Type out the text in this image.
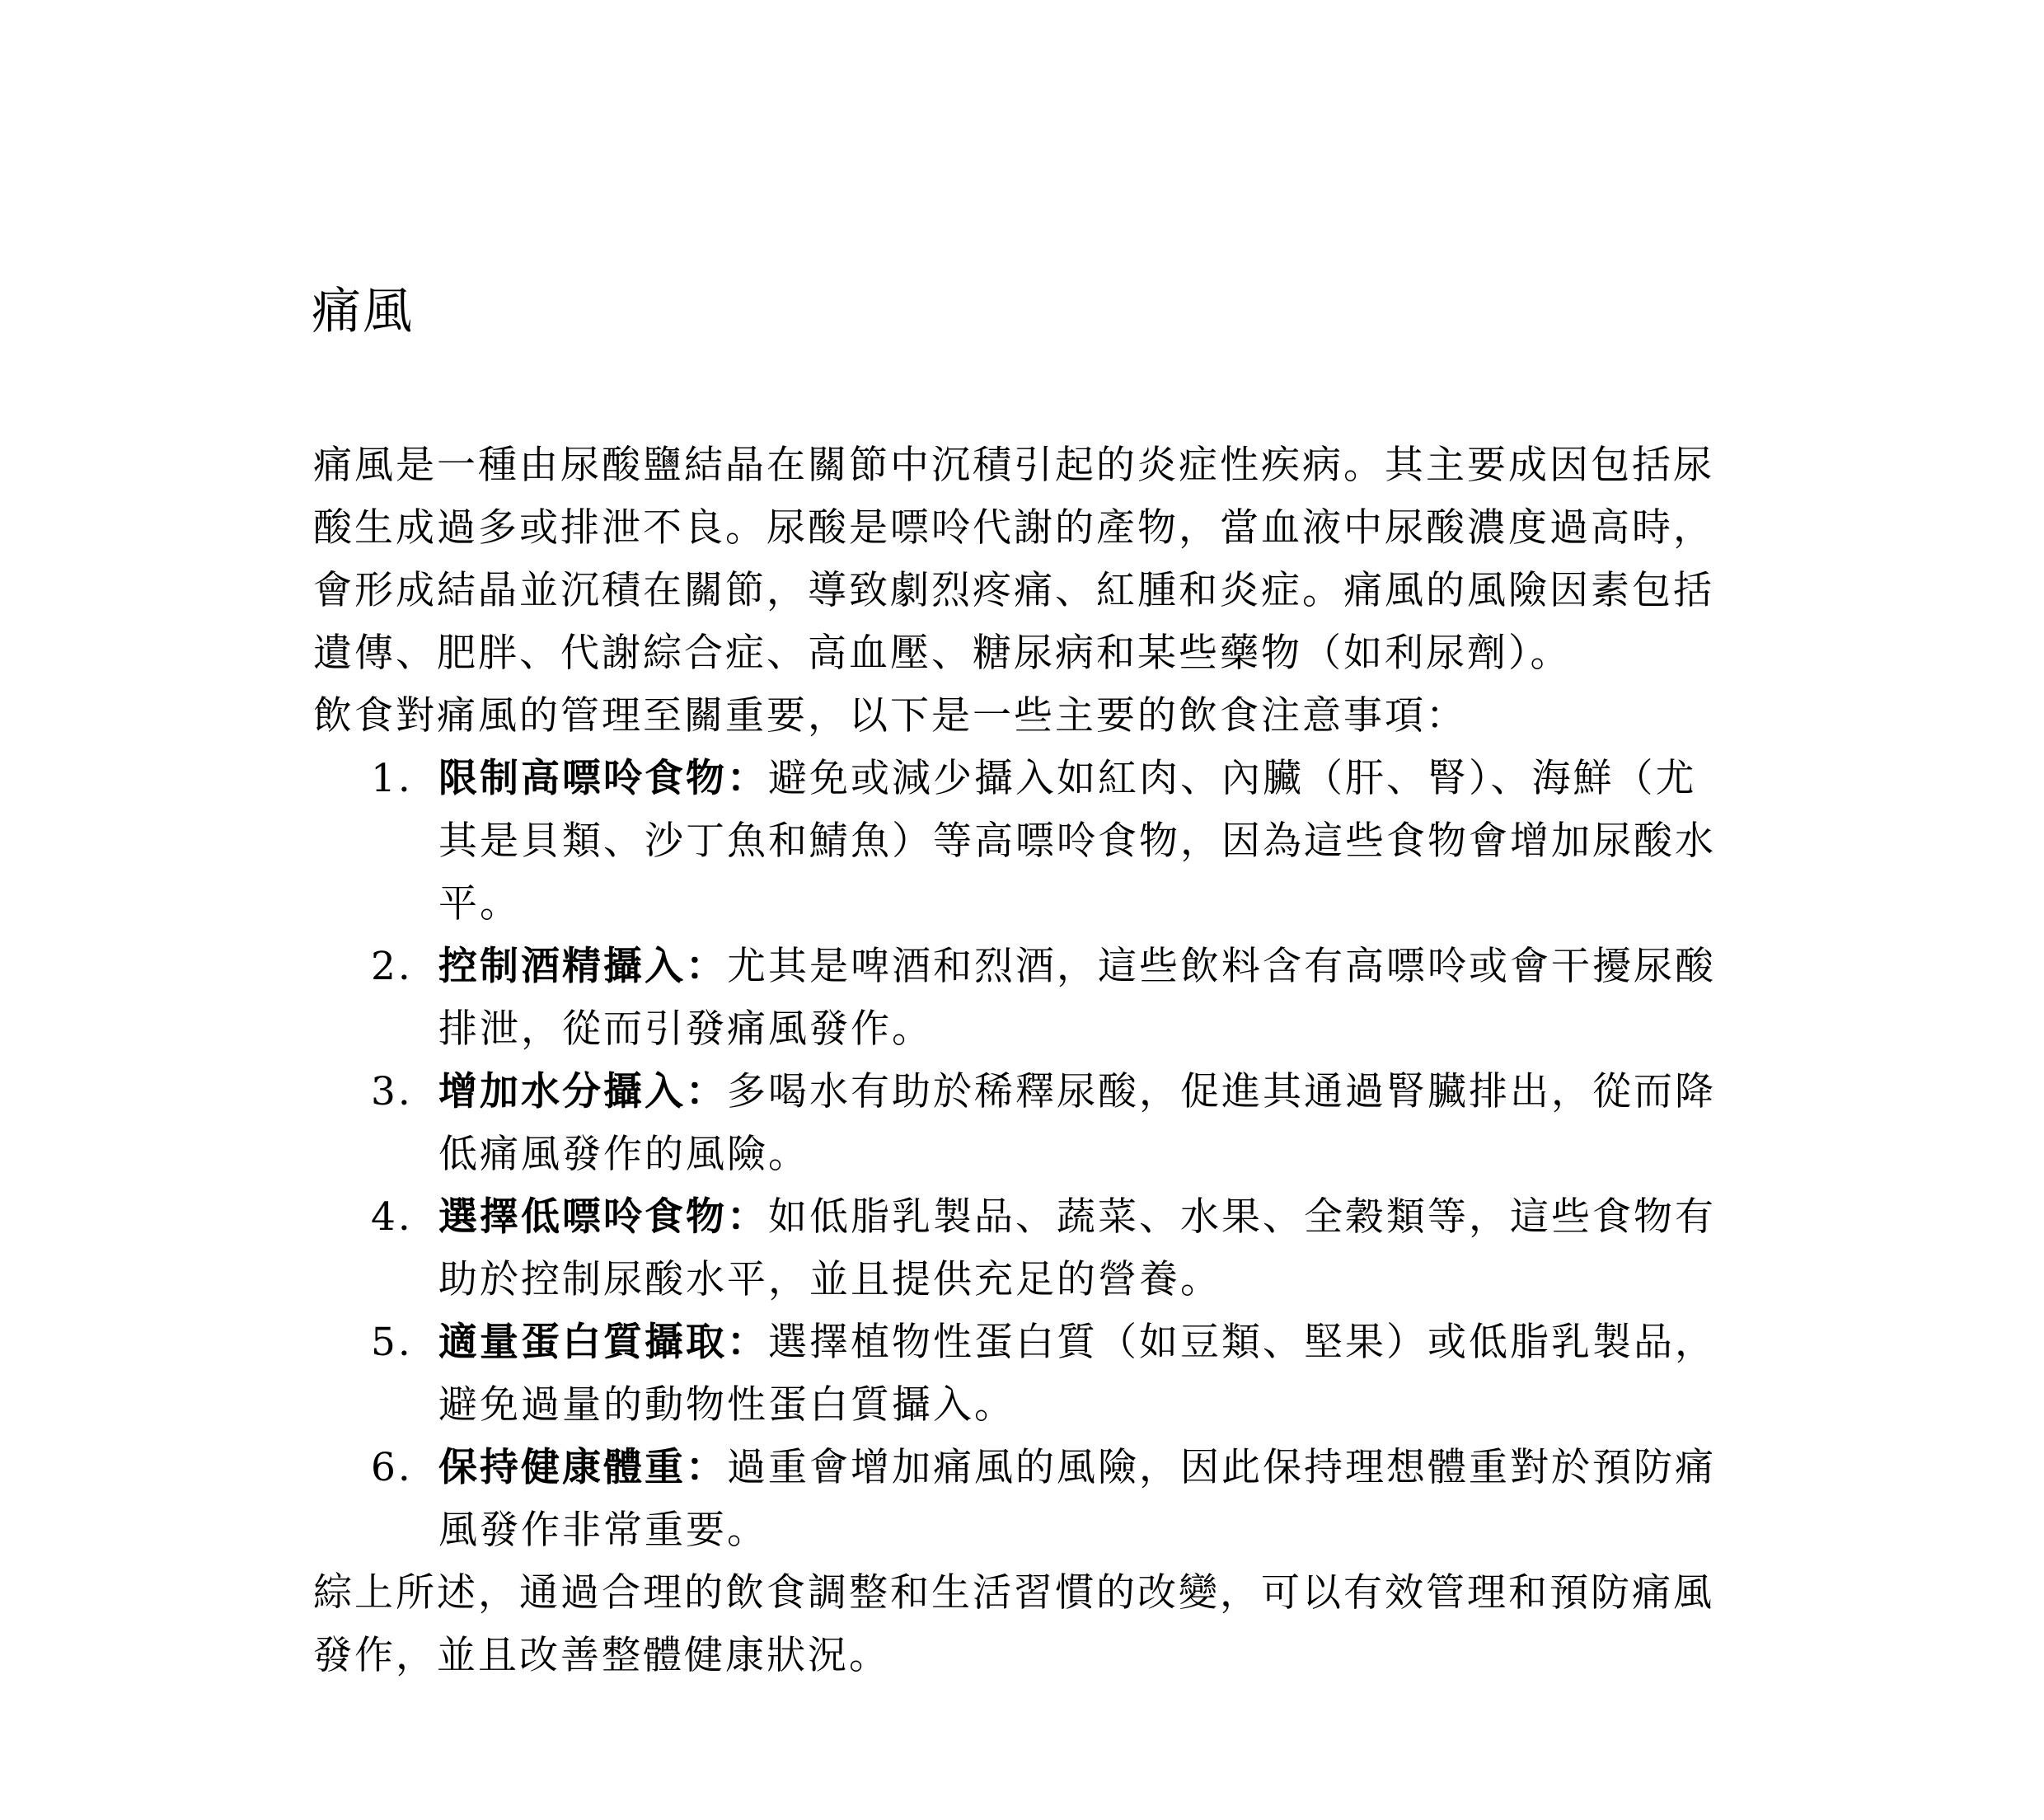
痛風

痛風是一種由尿酸鹽結晶在關節中沉積引起的炎症性疾病。其主要成因包括尿酸生成過多或排泄不良。尿酸是嘌呤代謝的產物，當血液中尿酸濃度過高時，會形成結晶並沉積在關節，導致劇烈疼痛、紅腫和炎症。痛風的風險因素包括遺傳、肥胖、代謝綜合症、高血壓、糖尿病和某些藥物（如利尿劑）。

飲食對痛風的管理至關重要，以下是一些主要的飲食注意事項：

1. 限制高嘌呤食物：避免或減少攝入如紅肉、內臟（肝、腎）、海鮮（尤其是貝類、沙丁魚和鯖魚）等高嘌呤食物，因為這些食物會增加尿酸水平。
2. 控制酒精攝入：尤其是啤酒和烈酒，這些飲料含有高嘌呤或會干擾尿酸排泄，從而引發痛風發作。
3. 增加水分攝入：多喝水有助於稀釋尿酸，促進其通過腎臟排出，從而降低痛風發作的風險。
4. 選擇低嘌呤食物：如低脂乳製品、蔬菜、水果、全穀類等，這些食物有助於控制尿酸水平，並且提供充足的營養。
5. 適量蛋白質攝取：選擇植物性蛋白質（如豆類、堅果）或低脂乳製品，避免過量的動物性蛋白質攝入。
6. 保持健康體重：過重會增加痛風的風險，因此保持理想體重對於預防痛風發作非常重要。

綜上所述，通過合理的飲食調整和生活習慣的改變，可以有效管理和預防痛風發作，並且改善整體健康狀況。
